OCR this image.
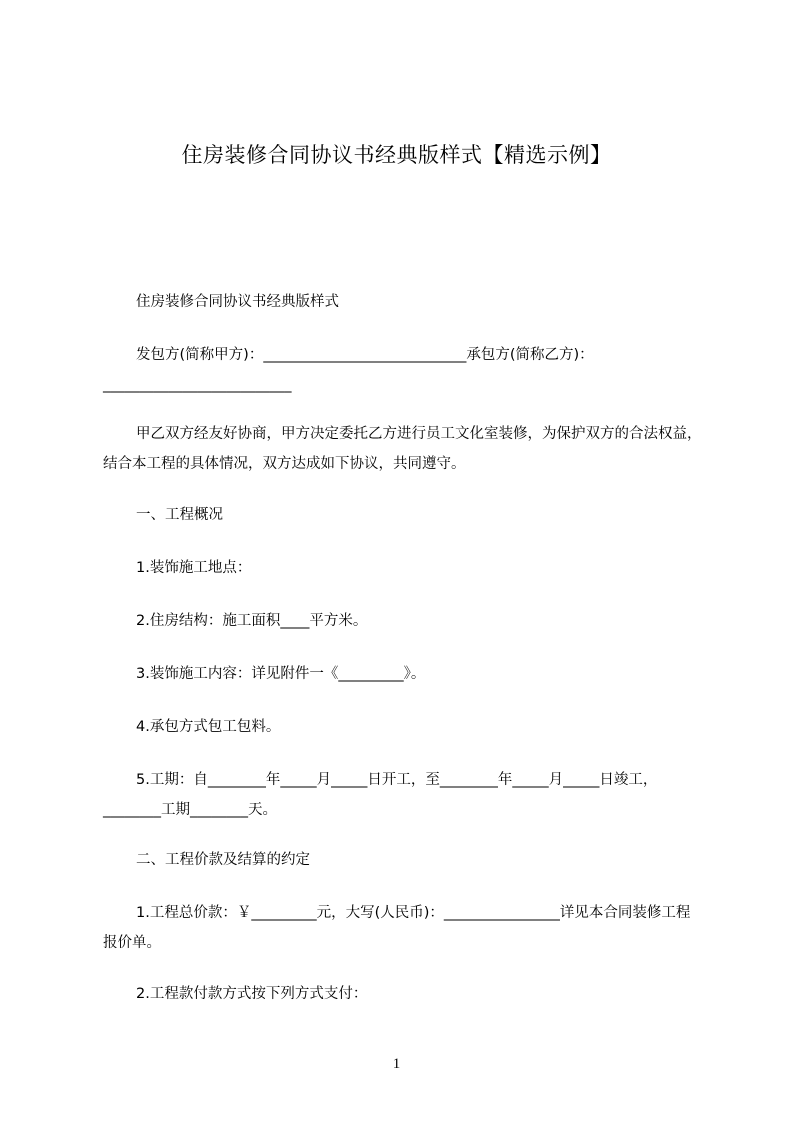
住房装修合同协议书经典版样式【精选示例】

住房装修合同协议书经典版样式

发包方(简称甲方)：____________________________承包方(简称乙方)：__________________________

甲乙双方经友好协商，甲方决定委托乙方进行员工文化室装修，为保护双方的合法权益，结合本工程的具体情况，双方达成如下协议，共同遵守。

一、工程概况

1.装饰施工地点：

2.住房结构：施工面积____平方米。

3.装饰施工内容：详见附件一《_________》。

4.承包方式包工包料。

5.工期：自________年_____月_____日开工，至________年_____月_____日竣工，________工期________天。

二、工程价款及结算的约定

1.工程总价款：￥_________元，大写(人民币)：________________详见本合同装修工程报价单。

2.工程款付款方式按下列方式支付：

1
